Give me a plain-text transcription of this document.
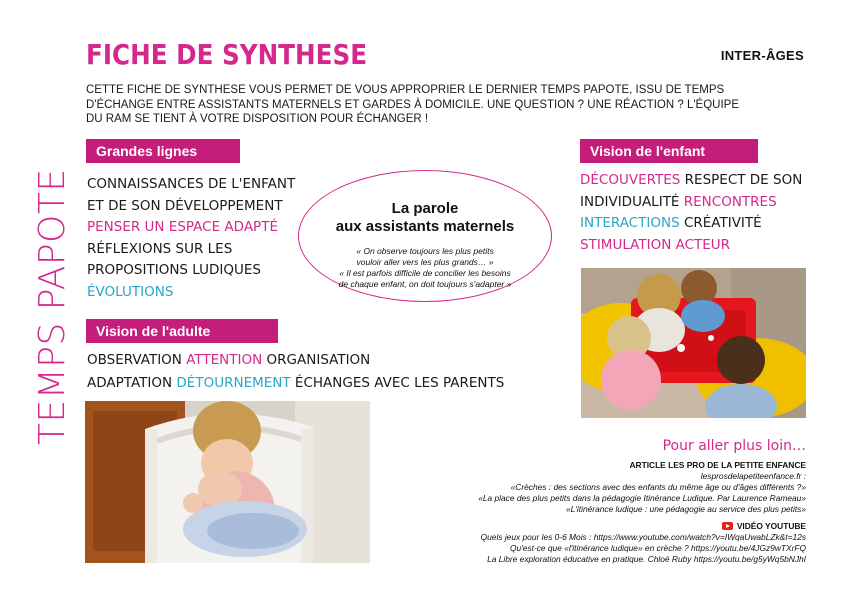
TEMPS PAPOTE
FICHE DE SYNTHESE	INTER-ÂGES
CETTE FICHE DE SYNTHESE VOUS PERMET DE VOUS APPROPRIER LE DERNIER TEMPS PAPOTE, ISSU DE TEMPS D'ÉCHANGE ENTRE ASSISTANTS MATERNELS ET GARDES À DOMICILE. UNE QUESTION ? UNE RÉACTION ? L'ÉQUIPE DU RAM SE TIENT À VOTRE DISPOSITION POUR ÉCHANGER !
Grandes lignes
CONNAISSANCES DE L'ENFANT
ET DE SON DÉVELOPPEMENT
PENSER UN ESPACE ADAPTÉ
RÉFLEXIONS SUR LES
PROPOSITIONS LUDIQUES
ÉVOLUTIONS
Vision de l'adulte
OBSERVATION ATTENTION ORGANISATION
ADAPTATION DÉTOURNEMENT ÉCHANGES AVEC LES PARENTS
Vision de l'enfant
DÉCOUVERTES RESPECT DE SON
INDIVIDUALITÉ RENCONTRES
INTERACTIONS CRÉATIVITÉ
STIMULATION ACTEUR
La parole
aux assistants maternels
« On observe toujours les plus petits
vouloir aller vers les plus grands… »
« Il est parfois difficile de concilier les besoins
de chaque enfant, on doit toujours s'adapter »
Pour aller plus loin…
ARTICLE LES PRO DE LA PETITE ENFANCE
lesprosdelapetiteenfance.fr :
«Crèches : des sections avec des enfants du même âge ou d'âges différents ?»
«La place des plus petits dans la pédagogie Itinérance Ludique. Par Laurence Rameau»
«L'itinérance ludique : une pédagogie au service des plus petits»
VIDÉO YOUTUBE
Quels jeux pour les 0-6 Mois : https://www.youtube.com/watch?v=IWqaUwabLZk&t=12s
Qu'est-ce que «l'itinérance ludique» en crèche ? https://youtu.be/4JGz9wTXrFQ
La Libre exploration éducative en pratique. Chloé Ruby https://youtu.be/g5yWq5bNJhI
